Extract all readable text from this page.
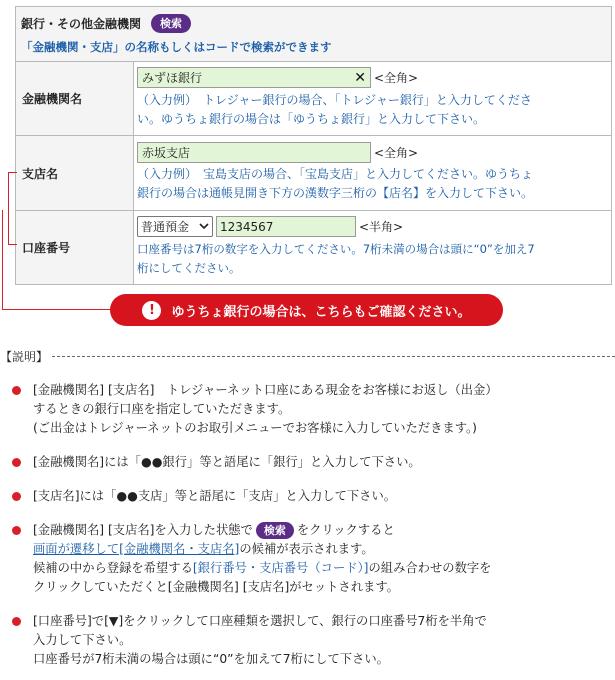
銀行・その他金融機関 検索
「金融機関・支店」の名称もしくはコードで検索ができます	

金融機関名	みずほ銀行 ✕ <全角>
（入力例）　トレジャー銀行の場合、「トレジャー銀行」と入力してくださ
い。ゆうちょ銀行の場合は「ゆうちょ銀行」と入力して下さい。

支店名	赤坂支店 <全角>
（入力例）　宝島支店の場合、「宝島支店」と入力してください。ゆうちょ
銀行の場合は通帳見開き下方の漢数字三桁の【店名】を入力して下さい。

口座番号	普通預金 1234567 <半角>
口座番号は7桁の数字を入力してください。7桁未満の場合は頭に“0”を加え7
桁にしてください。
!	ゆうちょ銀行の場合は、こちらもご確認ください。
【説明】
[金融機関名] [支店名]　トレジャーネット口座にある現金をお客様にお返し（出金）
するときの銀行口座を指定していただきます。
(ご出金はトレジャーネットのお取引メニューでお客様に入力していただきます。)
[金融機関名]には「●●銀行」等と語尾に「銀行」と入力して下さい。
[支店名]には「●●支店」等と語尾に「支店」と入力して下さい。
[金融機関名] [支店名]を入力した状態で 検索 をクリックすると
画面が遷移して[金融機関名・支店名]の候補が表示されます。
候補の中から登録を希望する[銀行番号・支店番号（コード）]の組み合わせの数字を
クリックしていただくと[金融機関名] [支店名]がセットされます。
[口座番号]で[▼]をクリックして口座種類を選択して、銀行の口座番号7桁を半角で
入力して下さい。
口座番号が7桁未満の場合は頭に“0”を加えて7桁にして下さい。
